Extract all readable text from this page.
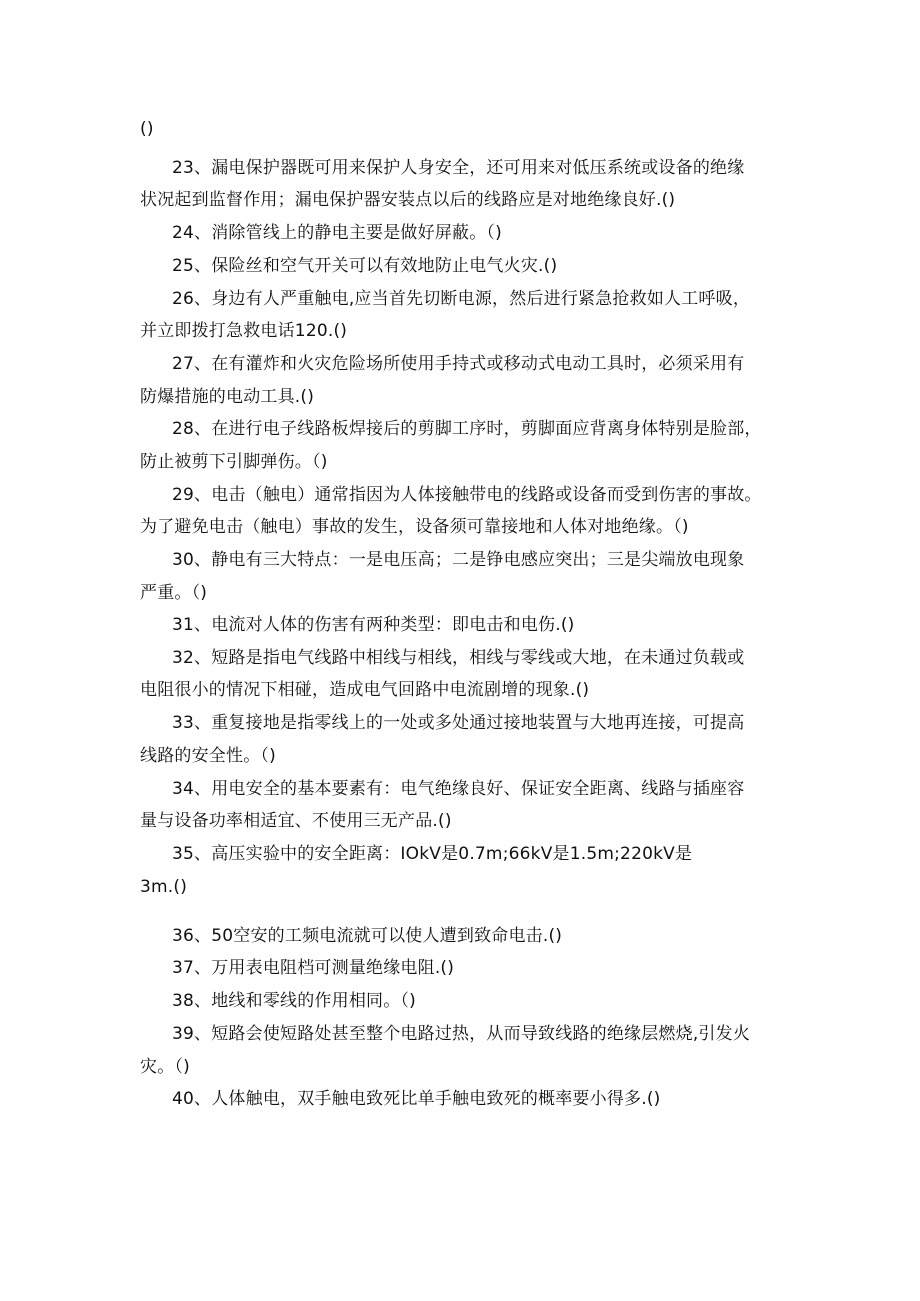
()
23、漏电保护器既可用来保护人身安全，还可用来对低压系统或设备的绝缘
状况起到监督作用；漏电保护器安装点以后的线路应是对地绝缘良好.()
24、消除管线上的静电主要是做好屏蔽。（)
25、保险丝和空气开关可以有效地防止电气火灾.()
26、身边有人严重触电,应当首先切断电源，然后进行紧急抢救如人工呼吸，
并立即拨打急救电话120.()
27、在有灌炸和火灾危险场所使用手持式或移动式电动工具时，必须采用有
防爆措施的电动工具.()
28、在进行电子线路板焊接后的剪脚工序时，剪脚面应背离身体特别是脸部，
防止被剪下引脚弹伤。（)
29、电击（触电）通常指因为人体接触带电的线路或设备而受到伤害的事故。
为了避免电击（触电）事故的发生，设备须可靠接地和人体对地绝缘。（)
30、静电有三大特点：一是电压高；二是铮电感应突出；三是尖端放电现象
严重。（)
31、电流对人体的伤害有两种类型：即电击和电伤.()
32、短路是指电气线路中相线与相线，相线与零线或大地，在未通过负载或
电阻很小的情况下相碰，造成电气回路中电流剧增的现象.()
33、重复接地是指零线上的一处或多处通过接地装置与大地再连接，可提高
线路的安全性。（)
34、用电安全的基本要素有：电气绝缘良好、保证安全距离、线路与插座容
量与设备功率相适宜、不使用三无产品.()
35、高压实验中的安全距离：IOkV是0.7m;66kV是1.5m;220kV是
3m.()
36、50空安的工频电流就可以使人遭到致命电击.()
37、万用表电阻档可测量绝缘电阻.()
38、地线和零线的作用相同。（)
39、短路会使短路处甚至整个电路过热，从而导致线路的绝缘层燃烧,引发火
灾。（)
40、人体触电，双手触电致死比单手触电致死的概率要小得多.()
